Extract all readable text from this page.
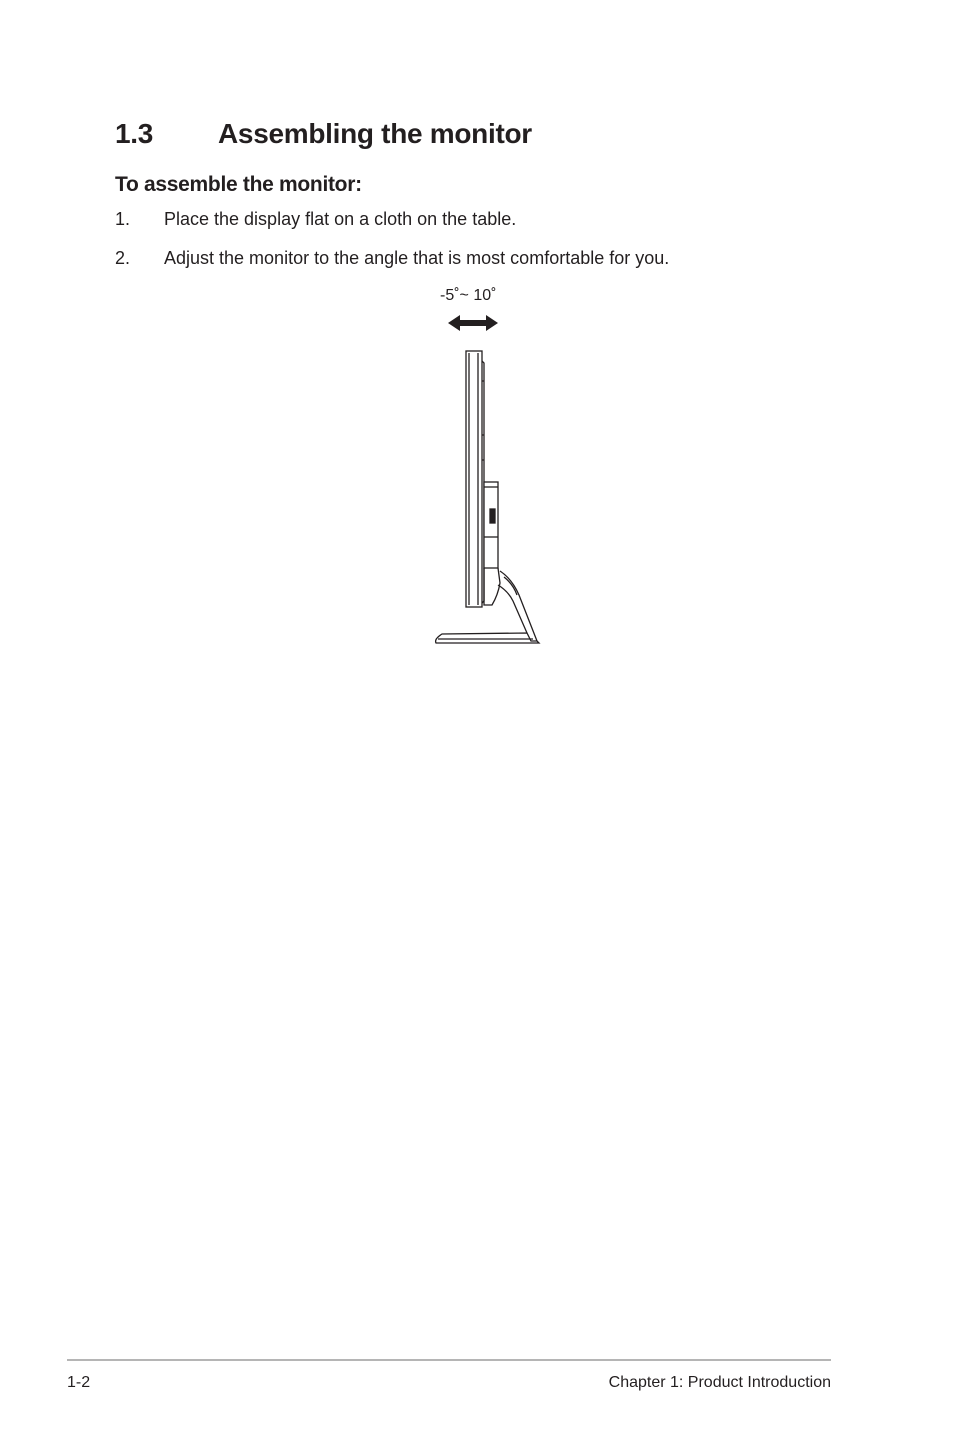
1.3 Assembling the monitor
To assemble the monitor:

1. Place the display flat on a cloth on the table.

2. Adjust the monitor to the angle that is most comfortable for you.

-5˚~ 10˚
1-2	Chapter 1: Product Introduction
